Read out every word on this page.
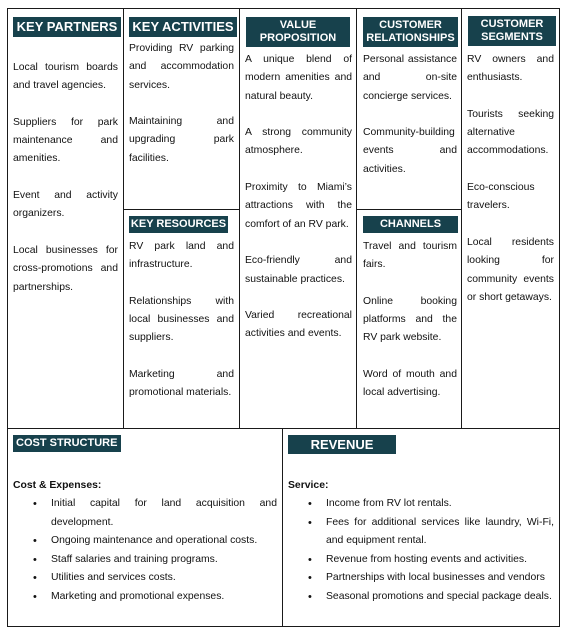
KEY PARTNERS

Local tourism boards and travel agencies.

Suppliers for park maintenance and amenities.

Event and activity organizers.

Local businesses for cross-promotions and partnerships.

KEY ACTIVITIES

Providing RV parking and accommodation services.

Maintaining and upgrading park facilities.

KEY RESOURCES

RV park land and infrastructure.

Relationships with local businesses and suppliers.

Marketing and promotional materials.

VALUE
PROPOSITION

A unique blend of modern amenities and natural beauty.

A strong community atmosphere.

Proximity to Miami’s attractions with the comfort of an RV park.

Eco-friendly and sustainable practices.

Varied recreational activities and events.

CUSTOMER
RELATIONSHIPS

Personal assistance and on-site concierge services.

Community-building events and activities.

CHANNELS

Travel and tourism fairs.

Online booking platforms and the RV park website.

Word of mouth and local advertising.

CUSTOMER
SEGMENTS

RV owners and enthusiasts.

Tourists seeking alternative accommodations.

Eco-conscious travelers.

Local residents looking for community events or short getaways.

COST STRUCTURE
Cost & Expenses:
• Initial capital for land acquisition and development.
• Ongoing maintenance and operational costs.
• Staff salaries and training programs.
• Utilities and services costs.
• Marketing and promotional expenses.
REVENUE
Service:
• Income from RV lot rentals.
• Fees for additional services like laundry, Wi-Fi, and equipment rental.
• Revenue from hosting events and activities.
• Partnerships with local businesses and vendors
• Seasonal promotions and special package deals.
